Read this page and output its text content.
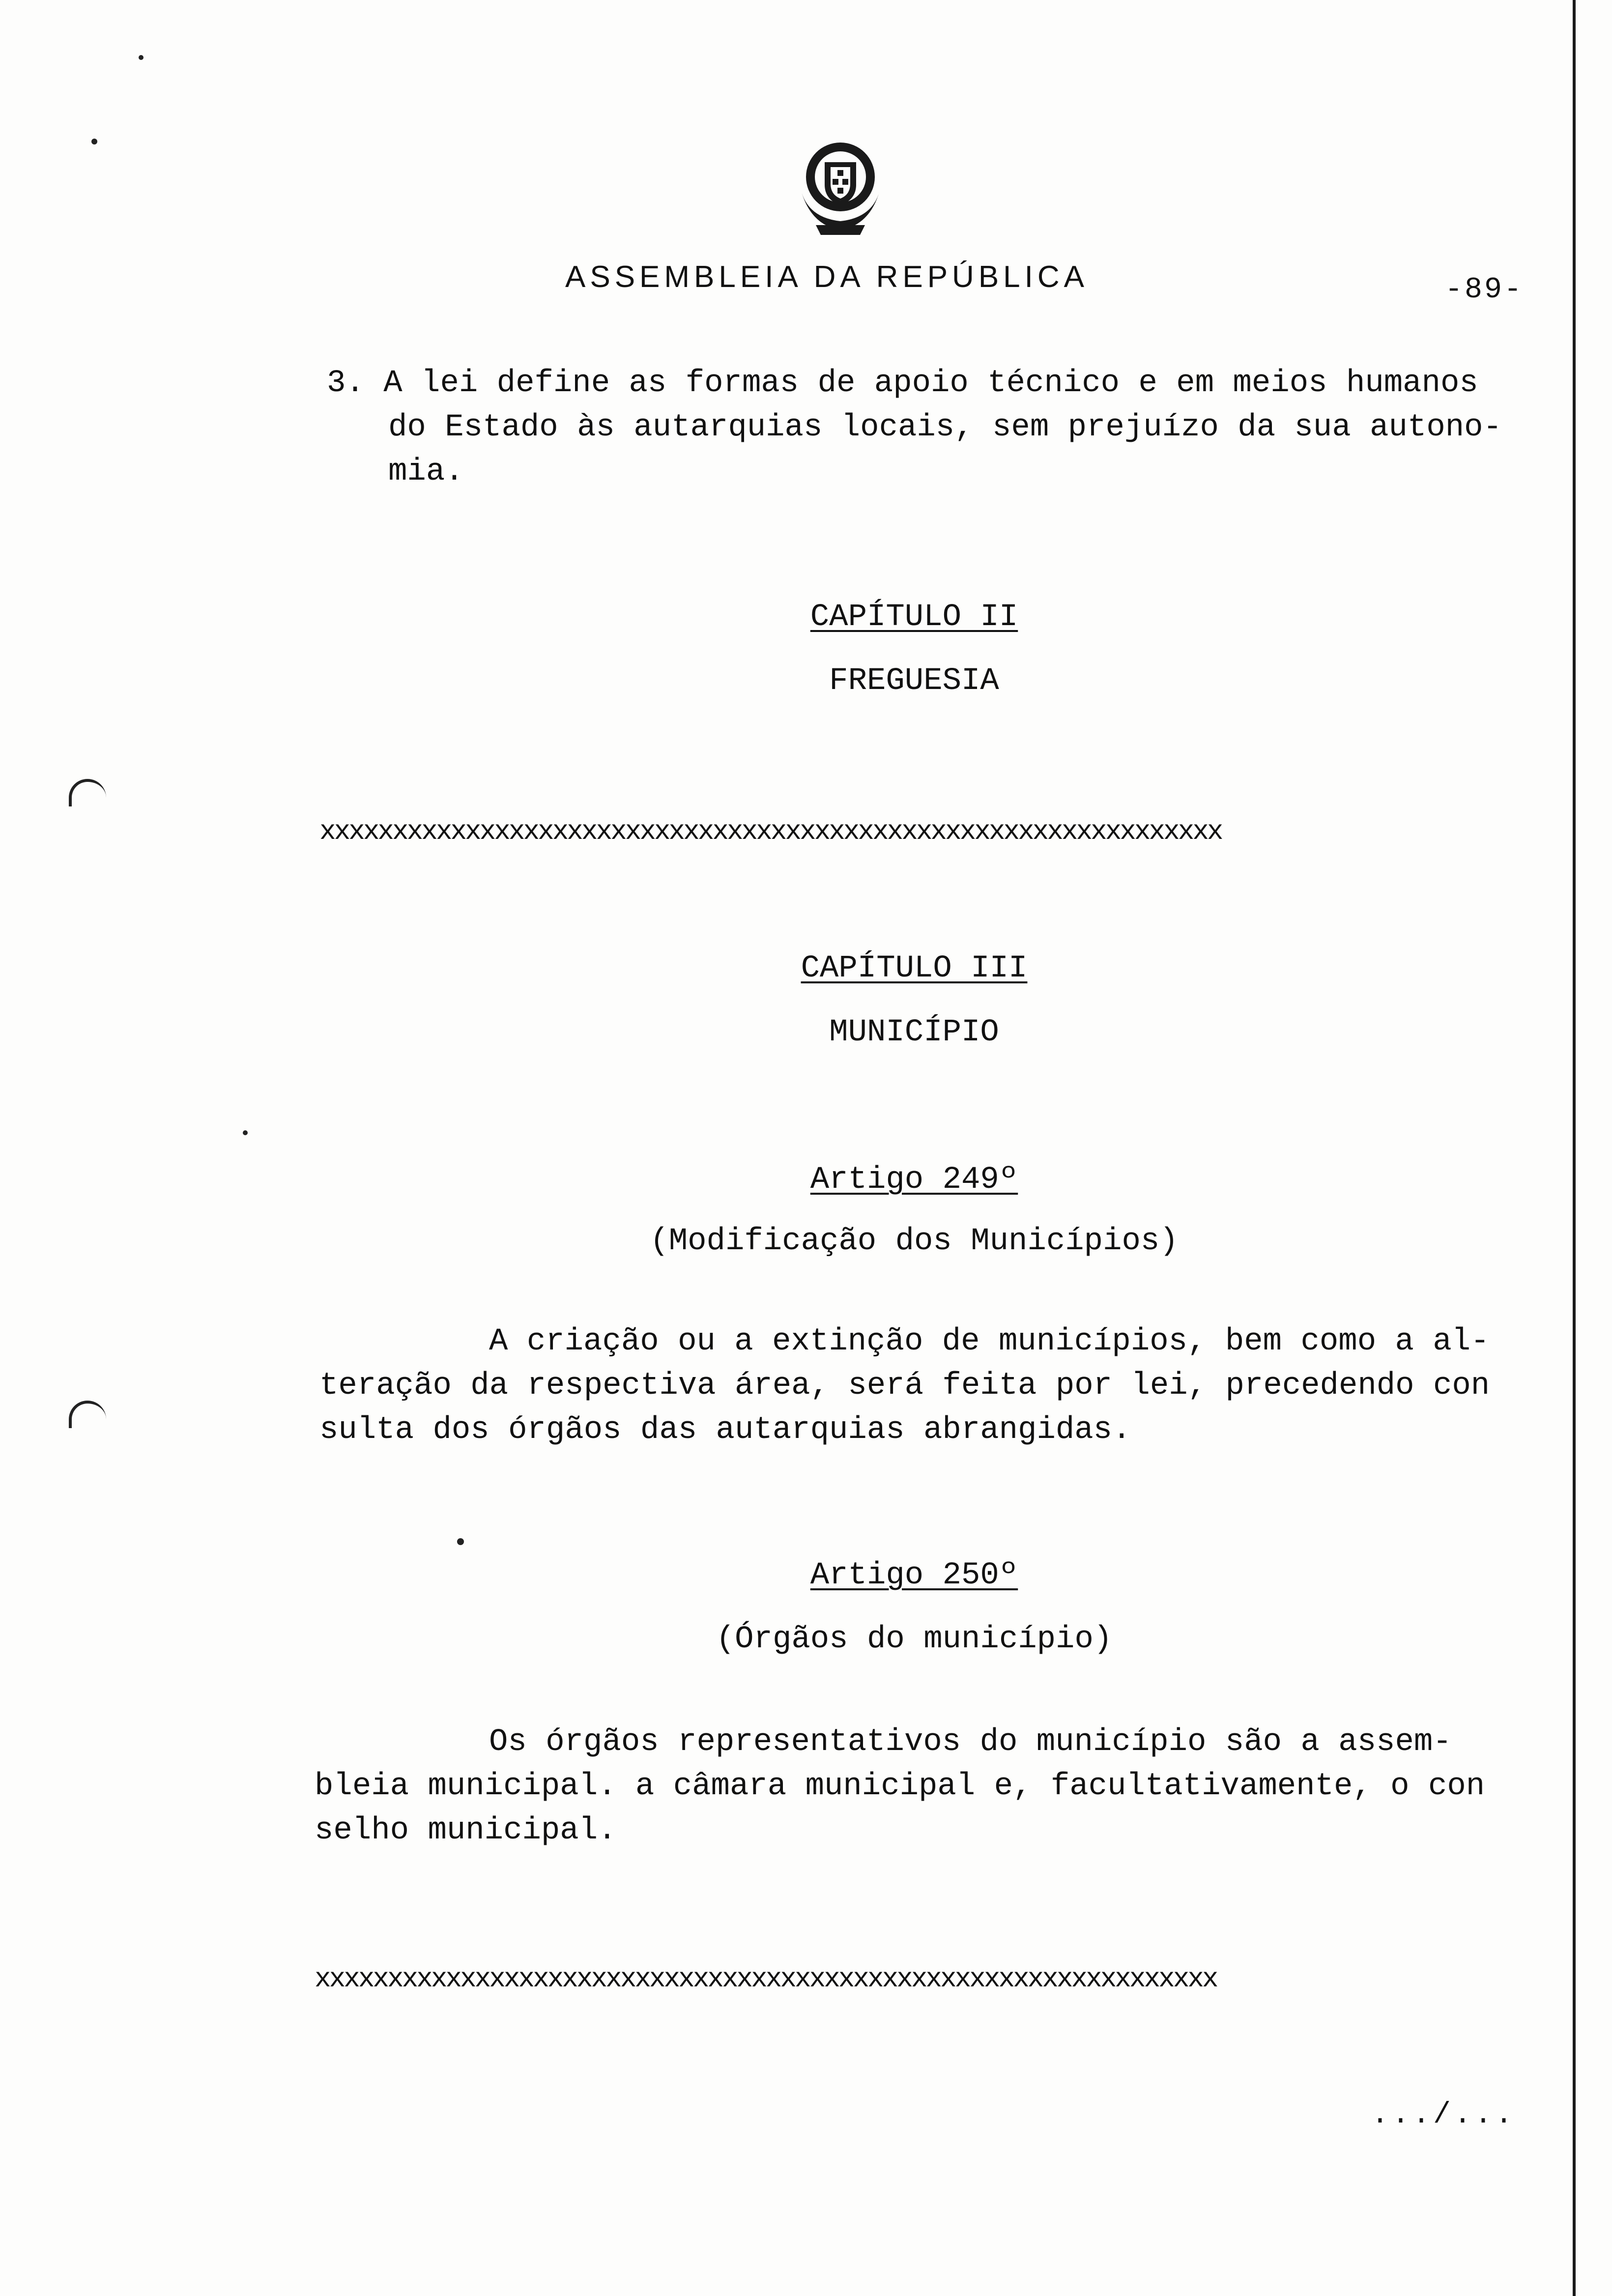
ASSEMBLEIA DA REPÚBLICA	-89-
3. A lei define as formas de apoio técnico e em meios humanos
do Estado às autarquias locais, sem prejuízo da sua autono-
mia.
CAPÍTULO II
FREGUESIA
xxxxxxxxxxxxxxxxxxxxxxxxxxxxxxxxxxxxxxxxxxxxxxxxxxxxxxxxxxxxxx
CAPÍTULO III
MUNICÍPIO
Artigo 249º
(Modificação dos Municípios)
A criação ou a extinção de municípios, bem como a al-
teração da respectiva área, será feita por lei, precedendo con
sulta dos órgãos das autarquias abrangidas.
Artigo 250º
(Órgãos do município)
Os órgãos representativos do município são a assem-
bleia municipal. a câmara municipal e, facultativamente, o con
selho municipal.
xxxxxxxxxxxxxxxxxxxxxxxxxxxxxxxxxxxxxxxxxxxxxxxxxxxxxxxxxxxxxx
.../...
